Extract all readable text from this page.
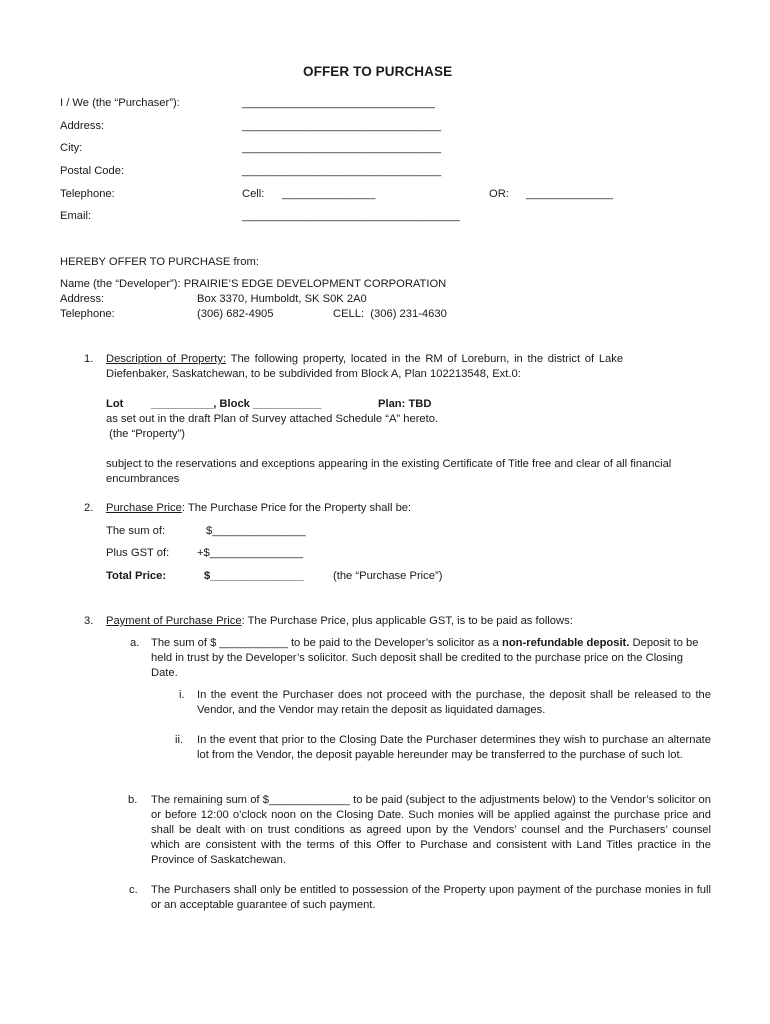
OFFER TO PURCHASE
I / We (the “Purchaser”):	_______________________________
Address:	________________________________
City:	________________________________
Postal Code:	________________________________
Telephone:	Cell: _______________	OR: ______________
Email:	___________________________________
HEREBY OFFER TO PURCHASE from:
Name (the “Developer”): PRAIRIE’S EDGE DEVELOPMENT CORPORATION
Address:	Box 3370, Humboldt, SK S0K 2A0
Telephone:	(306) 682-4905	CELL:  (306) 231-4630
1. Description of Property: The following property, located in the RM of Loreburn, in the district of Lake
Diefenbaker, Saskatchewan, to be subdivided from Block A, Plan 102213548, Ext.0:
Lot __________, Block ___________	Plan: TBD
as set out in the draft Plan of Survey attached Schedule “A” hereto.
(the “Property”)
subject to the reservations and exceptions appearing in the existing Certificate of Title free and clear of all financial encumbrances
2. Purchase Price: The Purchase Price for the Property shall be:
The sum of:	$_______________
Plus GST of: +$_______________
Total Price:	$_______________	(the “Purchase Price”)
3. Payment of Purchase Price: The Purchase Price, plus applicable GST, is to be paid as follows:
a. The sum of $ ___________ to be paid to the Developer’s solicitor as a non-refundable deposit. Deposit to be held in trust by the Developer’s solicitor. Such deposit shall be credited to the purchase price on the Closing Date.
i. In the event the Purchaser does not proceed with the purchase, the deposit shall be released to the Vendor, and the Vendor may retain the deposit as liquidated damages.
ii. In the event that prior to the Closing Date the Purchaser determines they wish to purchase an alternate lot from the Vendor, the deposit payable hereunder may be transferred to the purchase of such lot.
b. The remaining sum of $_____________ to be paid (subject to the adjustments below) to the Vendor’s solicitor on or before 12:00 o’clock noon on the Closing Date. Such monies will be applied against the purchase price and shall be dealt with on trust conditions as agreed upon by the Vendors’ counsel and the Purchasers’ counsel which are consistent with the terms of this Offer to Purchase and consistent with Land Titles practice in the Province of Saskatchewan.
c. The Purchasers shall only be entitled to possession of the Property upon payment of the purchase monies in full or an acceptable guarantee of such payment.
